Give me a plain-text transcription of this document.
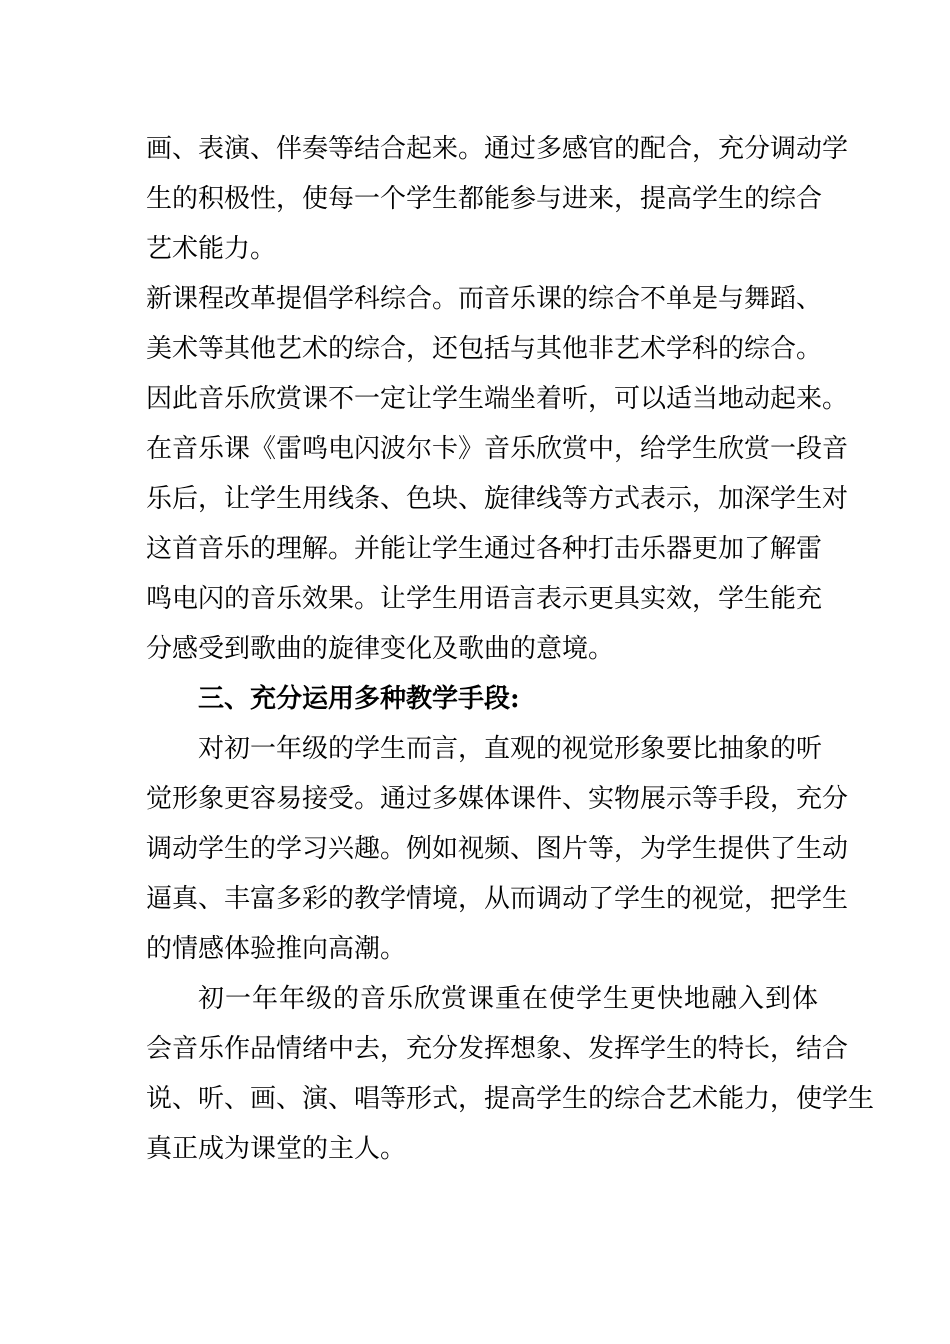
画、表演、伴奏等结合起来。通过多感官的配合，充分调动学
生的积极性，使每一个学生都能参与进来，提高学生的综合
艺术能力。
新课程改革提倡学科综合。而音乐课的综合不单是与舞蹈、
美术等其他艺术的综合，还包括与其他非艺术学科的综合。
因此音乐欣赏课不一定让学生端坐着听，可以适当地动起来。
在音乐课《雷鸣电闪波尔卡》音乐欣赏中，给学生欣赏一段音
乐后，让学生用线条、色块、旋律线等方式表示，加深学生对
这首音乐的理解。并能让学生通过各种打击乐器更加了解雷
鸣电闪的音乐效果。让学生用语言表示更具实效，学生能充
分感受到歌曲的旋律变化及歌曲的意境。
三、充分运用多种教学手段:
对初一年级的学生而言，直观的视觉形象要比抽象的听
觉形象更容易接受。通过多媒体课件、实物展示等手段，充分
调动学生的学习兴趣。例如视频、图片等，为学生提供了生动
逼真、丰富多彩的教学情境，从而调动了学生的视觉，把学生
的情感体验推向高潮。
初一年年级的音乐欣赏课重在使学生更快地融入到体
会音乐作品情绪中去，充分发挥想象、发挥学生的特长，结合
说、听、画、演、唱等形式，提高学生的综合艺术能力，使学生
真正成为课堂的主人。
